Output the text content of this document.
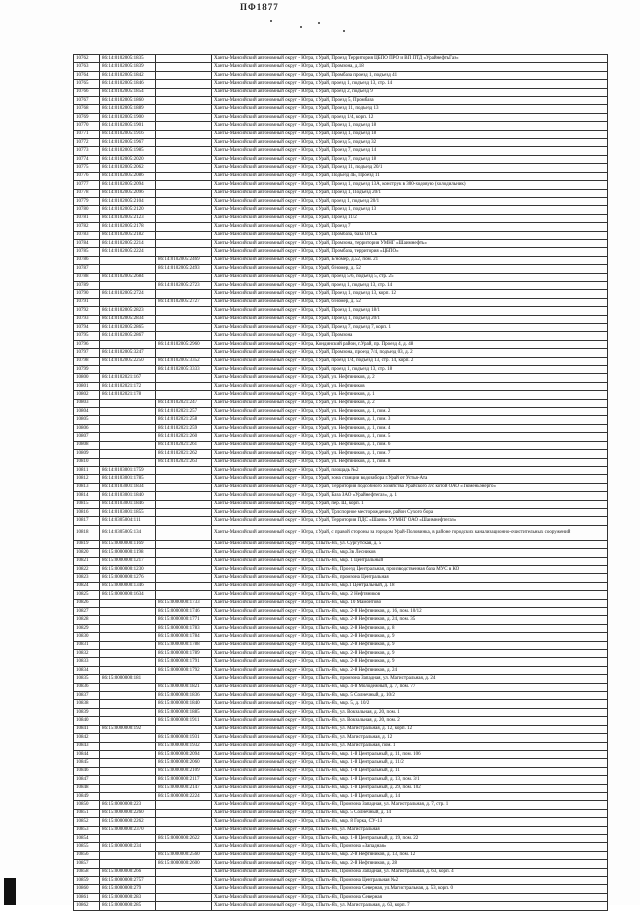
ПФ1877
10762	86:14:0102005:1835		Ханты-Мансийский автономный округ - Югра, г.Урай, Проезд Территория ЦБПО ПРО и ВП ПТД «УрайнефтьГаз»
10763	86:14:0102005:1839		Ханты-Мансийский автономный округ - Югра, г.Урай, Промзона, д.18
10764	86:14:0102005:1842		Ханты-Мансийский автономный округ - Югра, г.Урай, Промбаза проезд 1, подъезд 41
10765	86:14:0102005:1846		Ханты-Мансийский автономный округ - Югра, г.Урай, проезд 1, подъезд 13, стр. 14
10766	86:14:0102005:1854		Ханты-Мансийский автономный округ - Югра, г.Урай, проезд 2, подъезд 9
10767	86:14:0102005:1860		Ханты-Мансийский автономный округ - Югра, г.Урай, Проезд 5, Промбаза
10768	86:14:0102005:1889		Ханты-Мансийский автономный округ - Югра, г.Урай, Проезд 11, подъезд 13
10769	86:14:0102005:1900		Ханты-Мансийский автономный округ - Югра, г.Урай, проезд 1/4, корп. 12
10770	86:14:0102005:1901		Ханты-Мансийский автономный округ - Югра, г.Урай, Проезд 1, подъезд 18
10771	86:14:0102005:1916		Ханты-Мансийский автономный округ - Югра, г.Урай, Проезд 1, подъезд 18
10772	86:14:0102005:1967		Ханты-Мансийский автономный округ - Югра, г.Урай, Проезд 5, подъезд 32
10773	86:14:0102005:1985		Ханты-Мансийский автономный округ - Югра, г.Урай, Проезд 7, подъезд 14
10774	86:14:0102005:2020		Ханты-Мансийский автономный округ - Югра, г.Урай, Проезд 7, подъезд 18
10775	86:14:0102005:2062		Ханты-Мансийский автономный округ - Югра, г.Урай, Проезд 11, подъезд 20/1
10776	86:14:0102005:2086		Ханты-Мансийский автономный округ - Югра, г.Урай, Подъезд 4Б, Проезд 11
10777	86:14:0102005:2094		Ханты-Мансийский автономный округ - Югра, г.Урай, Проезд 1, подъезд 13А, конструк в 300-ходовую (холодильник)
10778	86:14:0102005:2096		Ханты-Мансийский автономный округ - Югра, г.Урай, Проезд 1, Подъезд 20/1
10779	86:14:0102005:2104		Ханты-Мансийский автономный округ - Югра, г.Урай, проезд 1, подъезд 20/1
10780	86:14:0102005:2120		Ханты-Мансийский автономный округ - Югра, г.Урай, Проезд 1, подъезд 13
10781	86:14:0102005:2123		Ханты-Мансийский автономный округ - Югра, г.Урай, Проезд 11/2
10782	86:14:0102005:2178		Ханты-Мансийский автономный округ - Югра, г.Урай, Проезд 7
10783	86:14:0102005:2182		Ханты-Мансийский автономный округ - Югра, г.Урай, Промбаза, база ОГСБ
10784	86:14:0102005:2214		Ханты-Мансийский автономный округ - Югра, г.Урай, Промзона, территория УМНГ «Шаимнефть»
10785	86:14:0102005:2224		Ханты-Мансийский автономный округ - Югра, г.Урай, Промбаза, территория «ЦБПО»
10786		86:14:0102005:2469	Ханты-Мансийский автономный округ - Югра, г.Урай, Б/номер, д.52, пом. 21
10787		86:14:0102005:2493	Ханты-Мансийский автономный округ - Югра, г.Урай, б/номер, д. 52
10788	86:14:0102005:2684		Ханты-Мансийский автономный округ - Югра, г.Урай, проезд 5/6, подъезд 5, стр. 25
10789		86:14:0102005:2723	Ханты-Мансийский автономный округ - Югра, г.Урай, проезд 1, подъезд 13, стр. 14
10790	86:14:0102005:2724		Ханты-Мансийский автономный округ - Югра, г.Урай, Проезд 1, подъезд 13, корп. 12
10791		86:14:0102005:2727	Ханты-Мансийский автономный округ - Югра, г.Урай, б/номер, д. 52
10792	86:14:0102005:2823		Ханты-Мансийский автономный округ - Югра, г.Урай, Проезд 1, подъезд 18/1
10793	86:14:0102005:2834		Ханты-Мансийский автономный округ - Югра, г.Урай, Проезд 1, подъезд 20/1
10794	86:14:0102005:2865		Ханты-Мансийский автономный округ - Югра, г.Урай, Проезд 7, подъезд 7, корп. 1
10795	86:14:0102005:2867		Ханты-Мансийский автономный округ - Югра, г.Урай, Промзона
10796		86:14:0102005:2960	Ханты-Мансийский автономный округ - Югра, Кондинский район, г.Урай, пр. Проезд 4, д. 48
10797	86:14:0102005:3247		Ханты-Mансийский автономный округ - Югра, г.Урай, Промзона, проезд 7/4, подъезд 03, д. 2
10798	86:14:0102005:2250	86:14:0102005:3352	Ханты-Мансийский автономный округ - Югра, г.Урай, проезд 1/4, подъезд 13, стр. 14, корп. 2
10799		86:14:0102005:3333	Ханты-Мансийский автономный округ - Югра, г.Урай, проезд 1, подъезд 13, стр. 18
10800	86:14:0102021:167		Ханты-Мансийский автономный округ - Югра, г.Урай, ул. Нефтяников, д. 2
10801	86:14:0102021:172		Ханты-Мансийский автономный округ - Югра, г.Урай, ул. Нефтяников
10802	86:14:0102021:178		Ханты-Мансийский автономный округ - Югра, г.Урай, ул. Нефтяников, д. 1
10803		86:14:0102021:247	Ханты-Мансийский автономный округ - Югра, г.Урай, ул. Нефтяников, д. 2
10804		86:14:0102021:257	Ханты-Мансийский автономный округ - Югра, г.Урай, ул. Нефтяников, д. 1, пом. 2
10805		86:14:0102021:258	Ханты-Мансийский автономный округ - Югра, г.Урай, ул. Нефтяников, д. 1, пом. 3
10806		86:14:0102021:259	Ханты-Мансийский автономный округ - Югра, г.Урай, ул. Нефтяников, д. 1, пом. 4
10807		86:14:0102021:260	Ханты-Мансийский автономный округ - Югра, г.Урай, ул. Нефтяников, д. 1, пом. 5
10808		86:14:0102021:261	Ханты-Мансийский автономный округ - Югра, г.Урай, ул. Нефтяников, д. 1, пом. 6
10809		86:14:0102021:262	Ханты-Мансийский автономный округ - Югра, г.Урай, ул. Нефтяников, д. 1, пом. 7
10810		86:14:0102021:263	Ханты-Мансийский автономный округ - Югра, г.Урай, ул. Нефтяников, д. 1, пом. 8
10811	86:14:0103001:1759		Ханты-Мансийский автономный округ - Югра, г.Урай, площадь №2
10812	86:14:0103001:1785		Ханты-Мансийский автономный округ - Югра, г.Урай, зона станции водозабора г.Урай от Устья-Ата
10813	86:14:0103001:1834		Ханты-Мансийский автономный округ - Югра, г.Урай, Территория подсобного хозяйства Урайского л/с котой ОАО «Тюменьэнерго»
10814	86:14:0103001:1840		Ханты-Мансийский автономный округ - Югра, г.Урай, База ЗАО «Урайнефтегаз», д. 1
10815	86:14:0103001:1846		Ханты-Мансийский автономный округ - Югра, г.Урай, пер. Ш, корп. 1
10816	86:14:0103001:1855		Ханты-Мансийский автономный округ - Югра, г.Урай, Трлспорное месторождение, район Сухого бора
10817	86:14:0305004:111		Ханты-Мансийский автономный округ - Югра, г.Урай, Территория ПДС «Шаим» УУМНГ ОАО «Шаимнефтегаз»
10818	86:14:0305005:134		Ханты-Мансийский автономный округ - Югра, г.Урай, с правой стороны за городом Урай-Половинка, в районе городских канализационно-очистительных сооружений
10819	86:15:0000000:1169		Ханты-Мансийский автономный округ - Югра, г.Пыть-Ях, ул. Сургутская, д. 5
10820	86:15:0000000:1198		Ханты-Мансийский автономный округ - Югра, г.Пыть-Ях, мкр.3в Лесников
10821	86:15:0000000:1217		Ханты-Мансийский автономный округ - Югра, г.Пыть-Ях, мкр. 1 Центральный
10822	86:15:0000000:1230		Ханты-Мансийский автономный округ - Югра, г.Пыть-Ях, Проезд Центральная, производственная база МУС в КО
10823	86:15:0000000:1276		Ханты-Мансийский автономный округ - Югра, г.Пыть-Ях, промзона Центральная
10824	86:15:0000000:1346		Ханты-Мансийский автономный округ - Югра, г.Пыть-Ях, мкр.1 Центральный, д. 18
10825	86:15:0000000:1634		Ханты-Мансийский автономный округ - Югра, г.Пыть-Ях, мкр. 2 Нефтяников
10826		86:15:0000000:1733	Ханты-Мансийский автономный округ - Югра, г.Пыть-Ях, мкр. 10 Мамонтово
10827		86:15:0000000:1746	Ханты-Мансийский автономный округ - Югра, г.Пыть-Ях, мкр. 2-й Нефтяников, д. 16, пом. 10/12
10828		86:15:0000000:1771	Ханты-Мансийский автономный округ - Югра, г.Пыть-Ях, мкр. 2-й Нефтяников, д. 24, пом. 35
10829		86:15:0000000:1783	Ханты-Мансийский автономный округ - Югра, г.Пыть-Ях, мкр. 2-й Нефтяников, д. 8
10830		86:15:0000000:1784	Ханты-Мансийский автономный округ - Югра, г.Пыть-Ях, мкр. 2-й Нефтяников, д. 9
10831		86:15:0000000:1788	Ханты-Мансийский автономный округ - Югра, г.Пыть-Ях, мкр. 2-й Нефтяников, д. 9
10832		86:15:0000000:1789	Ханты-Мансийский автономный округ - Югра, г.Пыть-Ях, мкр. 2-й Нефтяников, д. 9
10833		86:15:0000000:1791	Ханты-Мансийский автономный округ - Югра, г.Пыть-Ях, мкр. 2-й Нефтяников, д. 9
10834		86:15:0000000:1792	Ханты-Мансийский автономный округ - Югра, г.Пыть-Ях, мкр. 2-й Нефтяников, д. 24
10835	86:15:0000000:181		Ханты-Мансийский автономный округ - Югра, г.Пыть-Ях, промзона Западная, ул. Магистральная, д. 24
10836		86:15:0000000:1821	Ханты-Мансийский автономный округ - Югра, г.Пыть-Ях, мкр. 4-й Молодежный, д. 7, пом. 77
10837		86:15:0000000:1836	Ханты-Мансийский автономный округ - Югра, г.Пыть-Ях, мкр. 5 Солнечный, д. 10/2
10838		86:15:0000000:1840	Ханты-Мансийский автономный округ - Югра, г.Пыть-Ях, мкр. 5, д. 10/2
10839		86:15:0000000:1885	Ханты-Мансийский автономный округ - Югра, г.Пыть-Ях, ул. Вокзальная, д. 20, пом. 1
10840		86:15:0000000:1911	Ханты-Мансийский автономный округ - Югра, г.Пыть-Ях, ул. Вокзальная, д. 20, пом. 2
10841	86:15:0000000:192		Ханты-Мансийский автономный округ - Югра, г.Пыть-Ях, ул. Магистральная, д. 12, корп. 12
10842		86:15:0000000:1931	Ханты-Мансийский автономный округ - Югра, г.Пыть-Ях, ул. Магистральная, д. 12
10843		86:15:0000000:1932	Ханты-Мансийский автономный округ - Югра, г.Пыть-Ях, ул. Магистральная, пом. 1
10844		86:15:0000000:2094	Ханты-Мансийский автономный округ - Югра, г.Пыть-Ях, мкр. 1-й Центральный, д. 11, пом. 106
10845		86:15:0000000:2060	Ханты-Мансийский автономный округ - Югра, г.Пыть-Ях, мкр. 1-й Центральный, д. 11/2
10846		86:15:0000000:2109	Ханты-Мансийский автономный округ - Югра, г.Пыть-Ях, мкр. 1-й Центральный, д. 11
10847		86:15:0000000:2117	Ханты-Мансийский автономный округ - Югра, г.Пыть-Ях, мкр. 1-й Центральный, д. 13, пом. 3/1
10848		86:15:0000000:2147	Ханты-Мансийский автономный округ - Югра, г.Пыть-Ях, мкр. 1-й Центральный, д. 29, пом. 102
10849		86:15:0000000:2224	Ханты-Мансийский автономный округ - Югра, г.Пыть-Ях, мкр. 1-й Центральный, д. 14
10850	86:15:0000000:223		Ханты-Мансийский автономный округ - Югра, г.Пыть-Ях, Промзона Западная, ул. Магистральная, д. 7, стр. 1
10851	86:15:0000000:2260		Ханты-Мансийский автономный округ - Югра, г.Пыть-Ях, мкр. 5 Солнечный, д. 14
10852	86:15:0000000:2262		Ханты-Мансийский автономный округ - Югра, г.Пыть-Ях, мкр. 8 Горка, СУ-13
10853	86:15:0000000:2370		Ханты-Мансийский автономный округ - Югра, г.Пыть-Ях, ул. Магистральная
10854		86:15:0000000:2622	Ханты-Мансийский автономный округ - Югра, г.Пыть-Ях, мкр. 1-й Центральный, д. 19, пом. 22
10855	86:15:0000000:234		Ханты-Мансийский автономный округ - Югра, г.Пыть-Ях, Промзона «Западная»
10856		86:15:0000000:2560	Ханты-Мансийский автономный округ - Югра, г.Пыть-Ях, мкр. 2-й Нефтяников, д. 13, пом. 12
10857		86:15:0000000:2600	Ханты-Мансийский автономный округ - Югра, г.Пыть-Ях, мкр. 2-й Нефтяников, д. 28
10858	86:15:0000000:266		Ханты-Мансийский автономный округ - Югра, г.Пыть-Ях, Промзона Западная, ул. Магистральная, д. 63, корп. 4
10859	86:15:0000000:2757		Ханты-Мансийский автономный округ - Югра, г.Пыть-Ях, Промзона Центральная №2
10860	86:15:0000000:279		Ханты-Мансийский автономный округ - Югра, г.Пыть-Ях, Промзона Северная, ул.Магистральная, д. 53, корп. 0
10861	86:15:0000000:283		Ханты-Мансийский автономный округ - Югра, г.Пыть-Ях, Промзона Северная
10862	86:15:0000000:285		Ханты-Мансийский автономный округ - Югра, г.Пыть-Ях, ул. Магистральная, д. 63, корп. 7
